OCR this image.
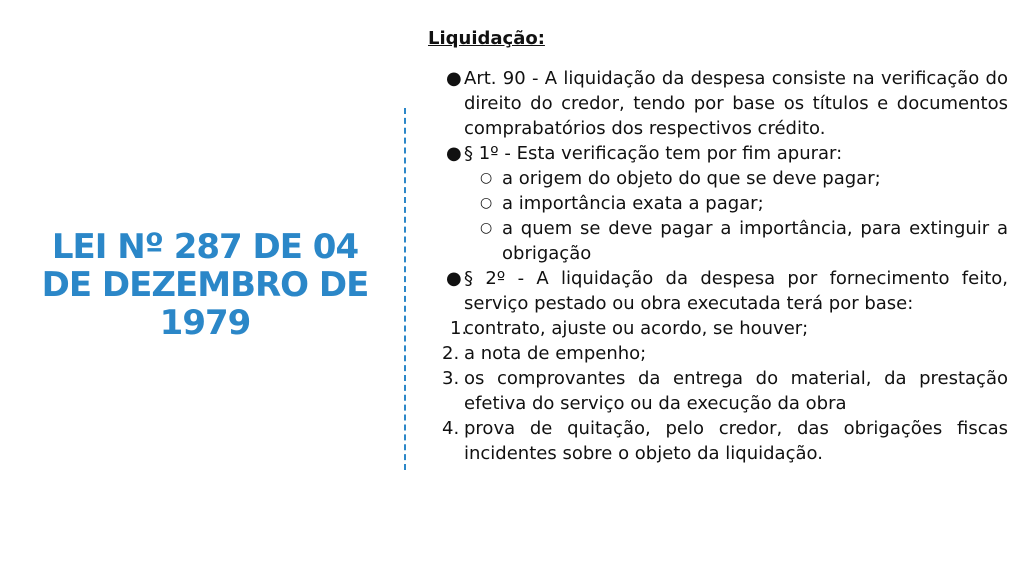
LEI Nº 287 DE 04
DE DEZEMBRO DE
1979
Liquidação:
● Art. 90 - A liquidação da despesa consiste na verificação do direito do credor, tendo por base os títulos e documentos comprabatórios dos respectivos crédito.
● § 1º - Esta verificação tem por fim apurar:
○ a origem do objeto do que se deve pagar;
○ a importância exata a pagar;
○ a quem se deve pagar a importância, para extinguir a obrigação
● § 2º - A liquidação da despesa por fornecimento feito, serviço pestado ou obra executada terá por base:
1.
contrato, ajuste ou acordo, se houver;
2. a nota de empenho;
3. os comprovantes da entrega do material, da prestação efetiva do serviço ou da execução da obra
4. prova de quitação, pelo credor, das obrigações fiscas incidentes sobre o objeto da liquidação.
